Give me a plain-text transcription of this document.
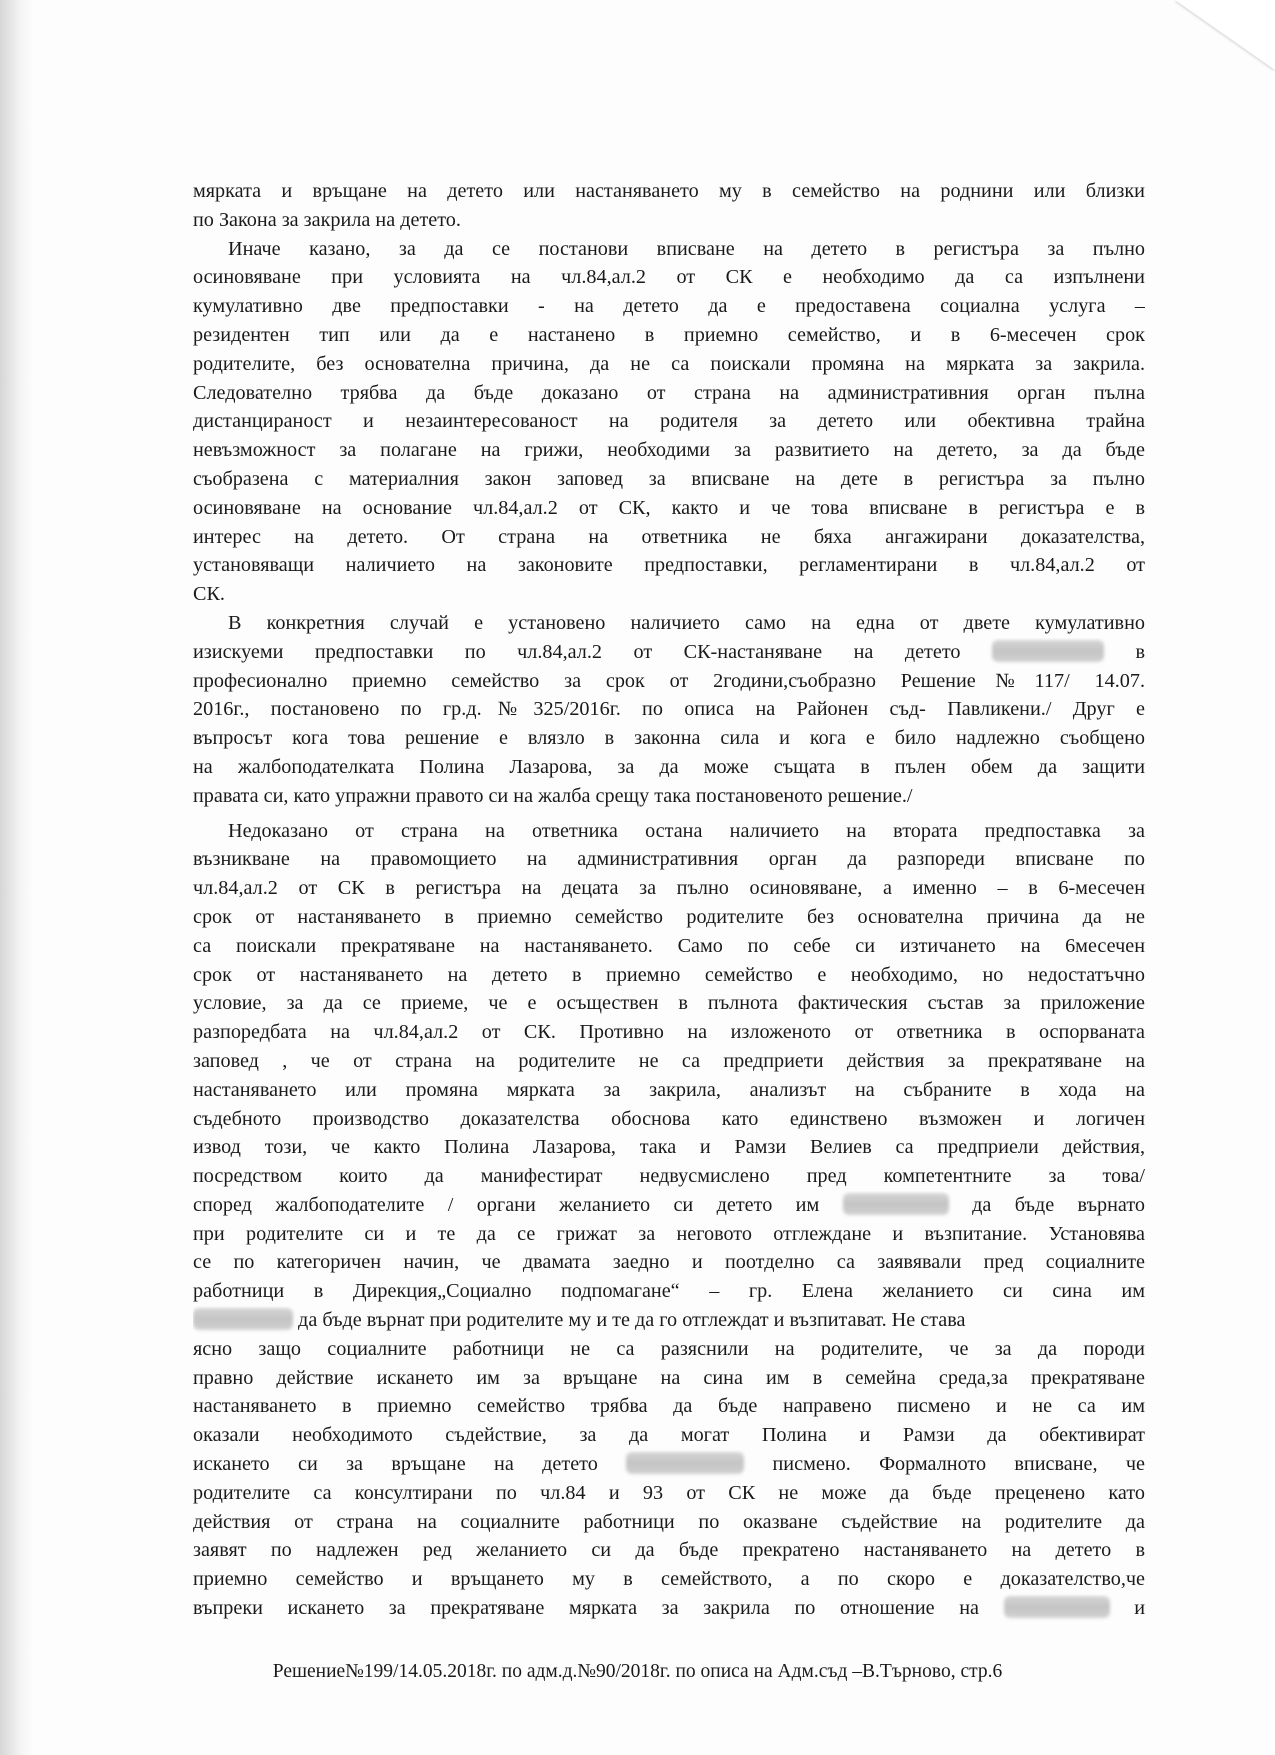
мярката и връщане на детето или настаняването му в семейство на роднини или близки
по Закона за закрила на детето.
Иначе казано, за да се постанови вписване на детето в регистъра за пълно
осиновяване при условията на чл.84,ал.2 от СК е необходимо да са изпълнени
кумулативно две предпоставки - на детето да е предоставена социална услуга –
резидентен тип или да е настанено в приемно семейство, и в 6-месечен срок
родителите, без основателна причина, да не са поискали промяна на мярката за закрила.
Следователно трябва да бъде доказано от страна на административния орган пълна
дистанцираност и незаинтересованост на родителя за детето или обективна трайна
невъзможност за полагане на грижи, необходими за развитието на детето, за да бъде
съобразена с материалния закон заповед за вписване на дете в регистъра за пълно
осиновяване на основание чл.84,ал.2 от СК, както и че това вписване в регистъра е в
интерес на детето. От страна на ответника не бяха ангажирани доказателства,
установяващи наличието на законовите предпоставки, регламентирани в чл.84,ал.2 от
СК.
В конкретния случай е установено наличието само на една от двете кумулативно
изискуеми предпоставки по чл.84,ал.2 от СК-настаняване на детето	в
професионално приемно семейство за срок от 2години,съобразно Решение№117/ 14.07.
2016г., постановено по гр.д.№325/2016г. по описа на Районен съд- Павликени./ Друг е
въпросът кога това решение е влязло в законна сила и кога е било надлежно съобщено
на жалбоподателката Полина Лазарова, за да може същата в пълен обем да защити
правата си, като упражни правото си на жалба срещу така постановеното решение./
Недоказано от страна на ответника остана наличието на втората предпоставка за
възникване на правомощието на административния орган да разпореди вписване по
чл.84,ал.2 от СК в регистъра на децата за пълно осиновяване, а именно – в 6-месечен
срок от настаняването в приемно семейство родителите без основателна причина да не
са поискали прекратяване на настаняването. Само по себе си изтичането на 6месечен
срок от настаняването на детето в приемно семейство е необходимо, но недостатъчно
условие, за да се приеме, че е осъществен в пълнота фактическия състав за приложение
разпоредбата на чл.84,ал.2 от СК. Противно на изложеното от ответника в оспорваната
заповед , че от страна на родителите не са предприети действия за прекратяване на
настаняването или промяна мярката за закрила, анализът на събраните в хода на
съдебното производство доказателства обоснова като единствено възможен и логичен
извод този, че както Полина Лазарова, така и Рамзи Велиев са предприели действия,
посредством които да манифестират недвусмислено пред компетентните за това/
според жалбоподателите / органи желанието си детето им	да бъде върнато
при родителите си и те да се грижат за неговото отглеждане и възпитание. Установява
се по категоричен начин, че двамата заедно и поотделно са заявявали пред социалните
работници в Дирекция„Социално подпомагане“ – гр. Елена желанието си сина им
да бъде върнат при родителите му и те да го отглеждат и възпитават. Не става
ясно защо социалните работници не са разяснили на родителите, че за да породи
правно действие искането им за връщане на сина им в семейна среда,за прекратяване
настаняването в приемно семейство трябва да бъде направено писмено и не са им
оказали необходимото съдействие, за да могат Полина и Рамзи да обективират
искането си за връщане на детето	писмено. Формалното вписване, че
родителите са консултирани по чл.84 и 93 от СК не може да бъде преценено като
действия от страна на социалните работници по оказване съдействие на родителите да
заявят по надлежен ред желанието си да бъде прекратено настаняването на детето в
приемно семейство и връщането му в семейството, а по скоро е доказателство,че
въпреки искането за прекратяване мярката за закрила по отношение на	и
Решение№199/14.05.2018г. по адм.д.№90/2018г. по описа на Адм.съд –В.Търново, стр.6
